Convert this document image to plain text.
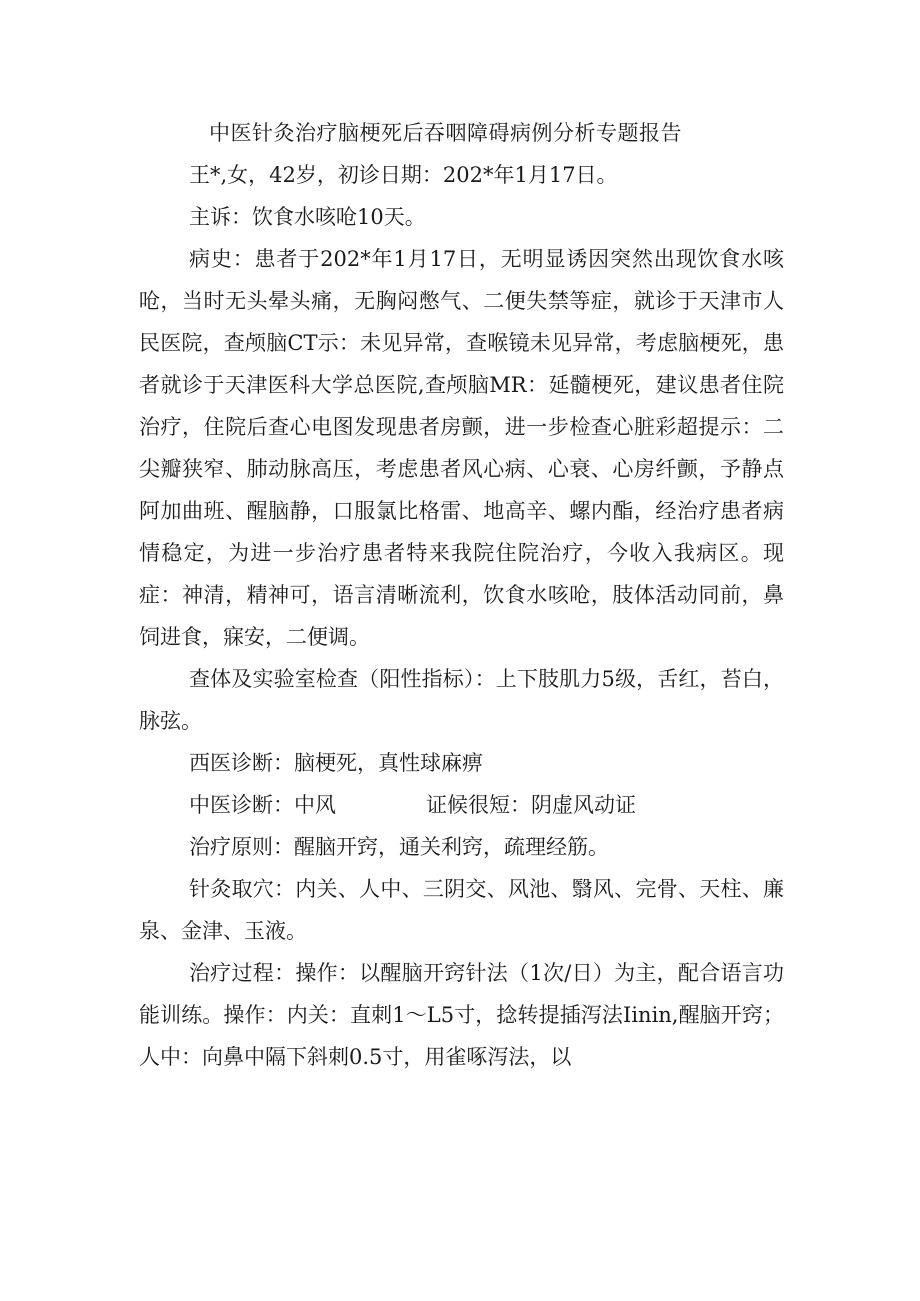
中医针灸治疗脑梗死后吞咽障碍病例分析专题报告

王*,女，42岁，初诊日期：202*年1月17日。

主诉：饮食水咳呛10天。

病史：患者于202*年1月17日，无明显诱因突然出现饮食水咳呛，当时无头晕头痛，无胸闷憋气、二便失禁等症，就诊于天津市人民医院，查颅脑CT示：未见异常，查喉镜未见异常，考虑脑梗死，患者就诊于天津医科大学总医院,查颅脑MR：延髓梗死，建议患者住院治疗，住院后查心电图发现患者房颤，进一步检查心脏彩超提示：二尖瓣狭窄、肺动脉高压，考虑患者风心病、心衰、心房纤颤，予静点阿加曲班、醒脑静，口服氯比格雷、地高辛、螺内酯，经治疗患者病情稳定，为进一步治疗患者特来我院住院治疗，今收入我病区。现症：神清，精神可，语言清晰流利，饮食水咳呛，肢体活动同前，鼻饲进食，寐安，二便调。

查体及实验室检查（阳性指标）：上下肢肌力5级，舌红，苔白，脉弦。

西医诊断：脑梗死，真性球麻痹

中医诊断：中风	证候很短：阴虚风动证

治疗原则：醒脑开窍，通关利窍，疏理经筋。

针灸取穴：内关、人中、三阴交、风池、翳风、完骨、天柱、廉泉、金津、玉液。

治疗过程：操作：以醒脑开窍针法（1次/日）为主，配合语言功能训练。操作：内关：直刺1～L5寸，捻转提插泻法Iinin,醒脑开窍；人中：向鼻中隔下斜刺0.5寸，用雀啄泻法，以
